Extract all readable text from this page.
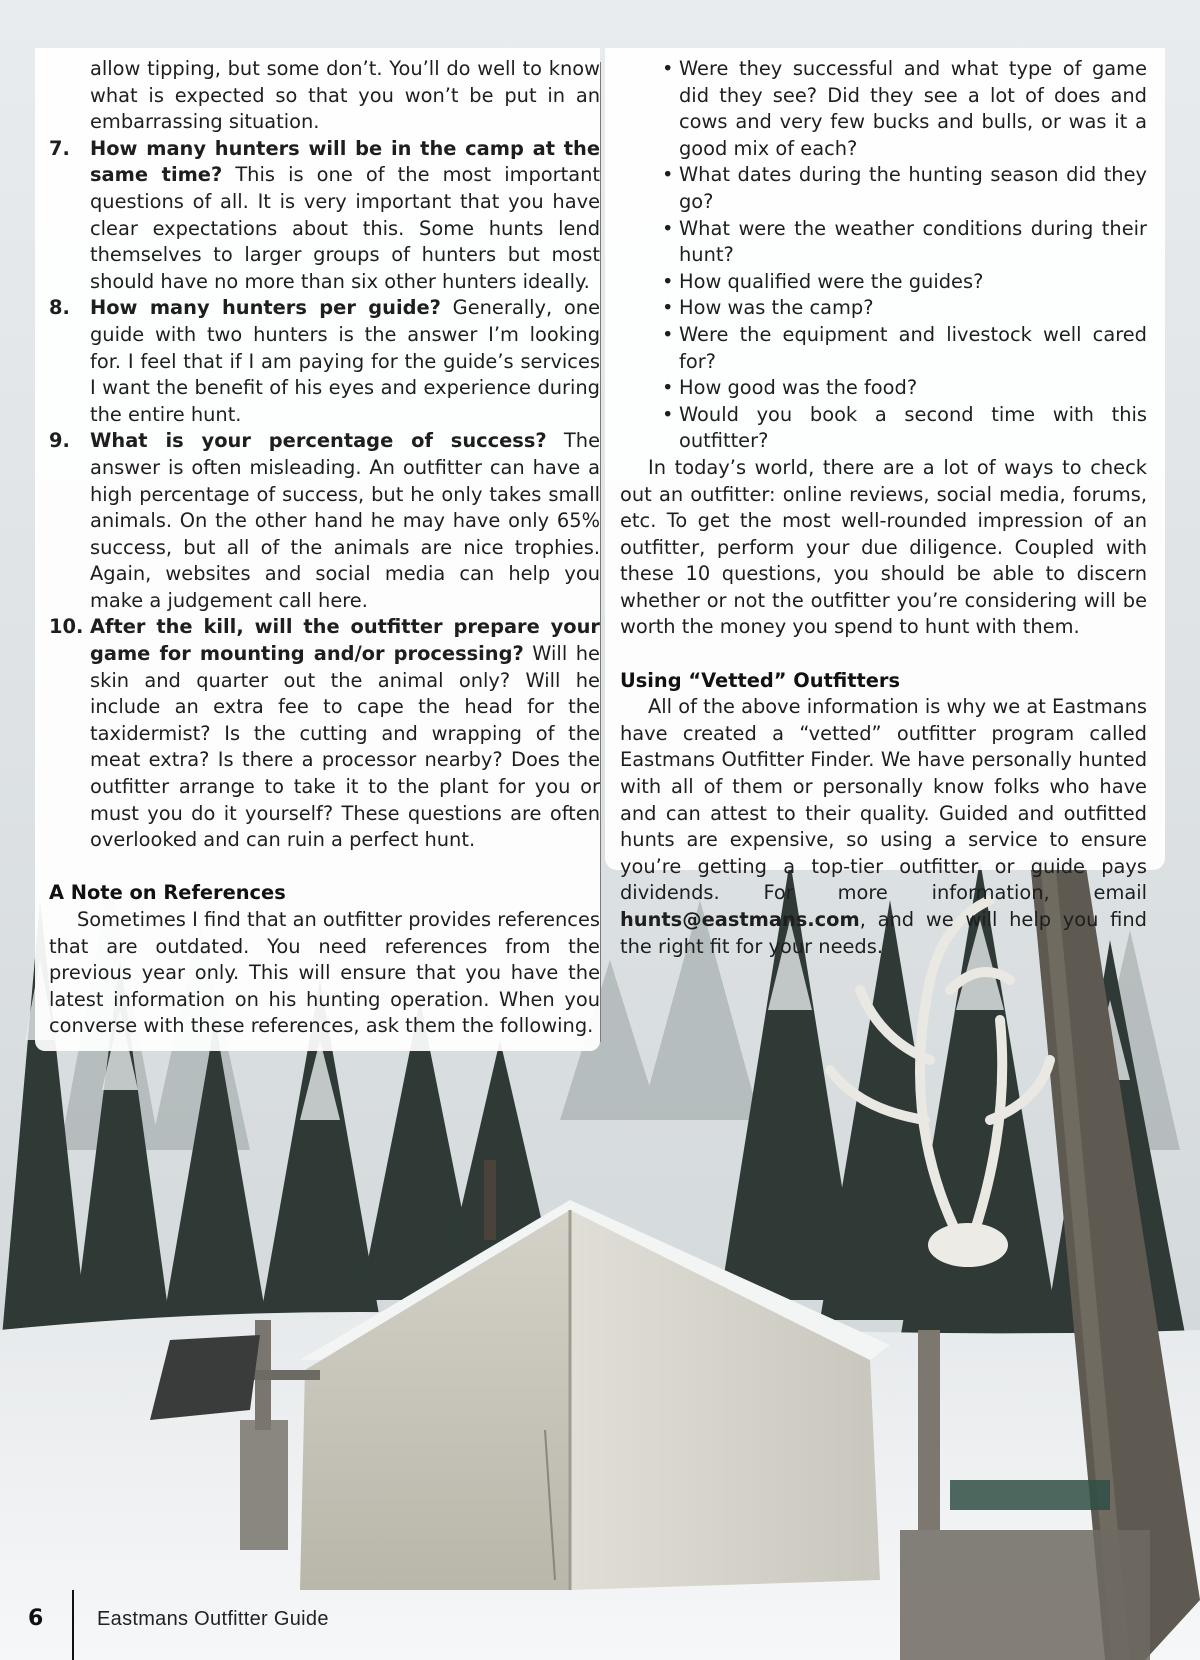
allow tipping, but some don’t. You’ll do well to know what is expected so that you won’t be put in an embarrassing situation.
7. How many hunters will be in the camp at the same time? This is one of the most important questions of all. It is very important that you have clear expectations about this. Some hunts lend themselves to larger groups of hunters but most should have no more than six other hunters ideally.
8. How many hunters per guide? Generally, one guide with two hunters is the answer I’m looking for. I feel that if I am paying for the guide’s services I want the benefit of his eyes and experience during the entire hunt.
9. What is your percentage of success? The answer is often misleading. An outfitter can have a high percentage of success, but he only takes small animals. On the other hand he may have only 65% success, but all of the animals are nice trophies. Again, websites and social media can help you make a judgement call here.
10. After the kill, will the outfitter prepare your game for mounting and/or processing? Will he skin and quarter out the animal only? Will he include an extra fee to cape the head for the taxidermist? Is the cutting and wrapping of the meat extra? Is there a processor nearby? Does the outfitter arrange to take it to the plant for you or must you do it yourself? These questions are often overlooked and can ruin a perfect hunt.
A Note on References

Sometimes I find that an outfitter provides references that are outdated. You need references from the previous year only. This will ensure that you have the latest information on his hunting operation. When you converse with these references, ask them the following.

• Were they successful and what type of game did they see? Did they see a lot of does and cows and very few bucks and bulls, or was it a good mix of each?
• What dates during the hunting season did they go?
• What were the weather conditions during their hunt?
• How qualified were the guides?
• How was the camp?
• Were the equipment and livestock well cared for?
• How good was the food?
• Would you book a second time with this outfitter?

In today’s world, there are a lot of ways to check out an outfitter: online reviews, social media, forums, etc. To get the most well-rounded impression of an outfitter, perform your due diligence. Coupled with these 10 questions, you should be able to discern whether or not the outfitter you’re considering will be worth the money you spend to hunt with them.

Using “Vetted” Outfitters

All of the above information is why we at Eastmans have created a “vetted” outfitter program called Eastmans Outfitter Finder. We have personally hunted with all of them or personally know folks who have and can attest to their quality. Guided and outfitted hunts are expensive, so using a service to ensure you’re getting a top-tier outfitter or guide pays dividends. For more information, email hunts@eastmans.com, and we will help you find the right fit for your needs.

6	Eastmans Outfitter Guide
